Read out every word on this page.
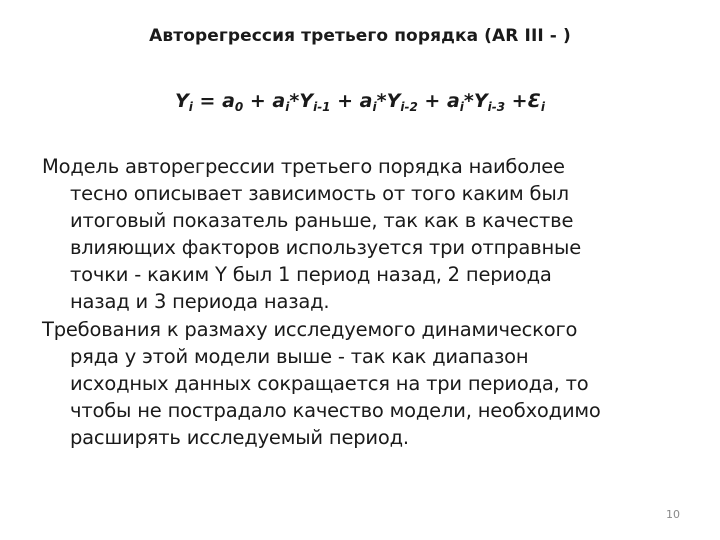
Авторегрессия третьего порядка (AR III - )
$Y_i = a_0 + a_i*Y_{i-1} + a_i*Y_{i-2} + a_i*Y_{i-3}$ $+Ɛ_i$
Модель авторегрессии третьего порядка наиболее
тесно описывает зависимость от того каким был
итоговый показатель раньше, так как в качестве
влияющих факторов используется три отправные
точки - каким Y был 1 период назад, 2 периода
назад и 3 периода назад.
Требования к размаху исследуемого динамического
ряда у этой модели выше - так как диапазон
исходных данных сокращается на три периода, то
чтобы не пострадало качество модели, необходимо
расширять исследуемый период.
10
